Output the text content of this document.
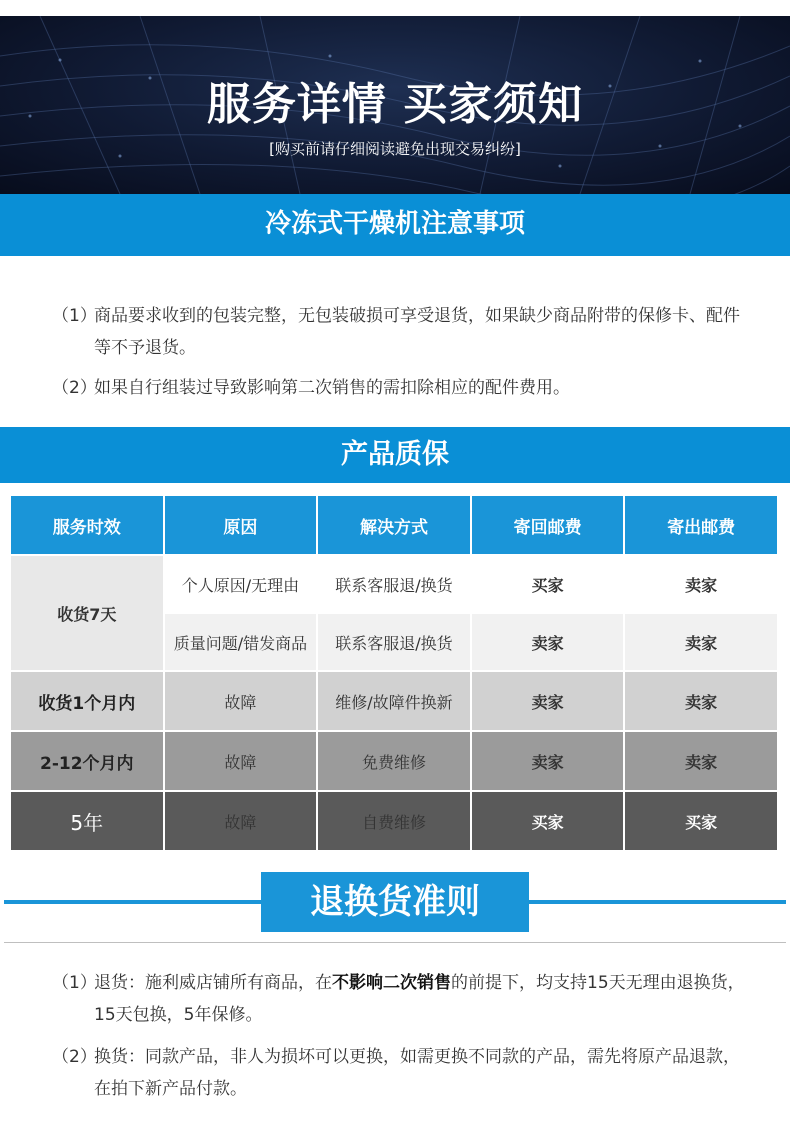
服务详情 买家须知
[购买前请仔细阅读避免出现交易纠纷]
冷冻式干燥机注意事项
（1）
商品要求收到的包装完整，无包装破损可享受退货，如果缺少商品附带的保修卡、配件等不予退货。
（2）
如果自行组装过导致影响第二次销售的需扣除相应的配件费用。
产品质保
服务时效	原因	解决方式	寄回邮费	寄出邮费
收货7天	个人原因/无理由	联系客服退/换货	买家	卖家
	质量问题/错发商品	联系客服退/换货	卖家	卖家
收货1个月内	故障	维修/故障件换新	卖家	卖家
2-12个月内	故障	免费维修	卖家	卖家
5年	故障	自费维修	买家	买家
退换货准则
（1）
退货：施利威店铺所有商品，在不影响二次销售的前提下，均支持15天无理由退换货，15天包换，5年保修。
（2）
换货：同款产品，非人为损坏可以更换，如需更换不同款的产品，需先将原产品退款，在拍下新产品付款。
